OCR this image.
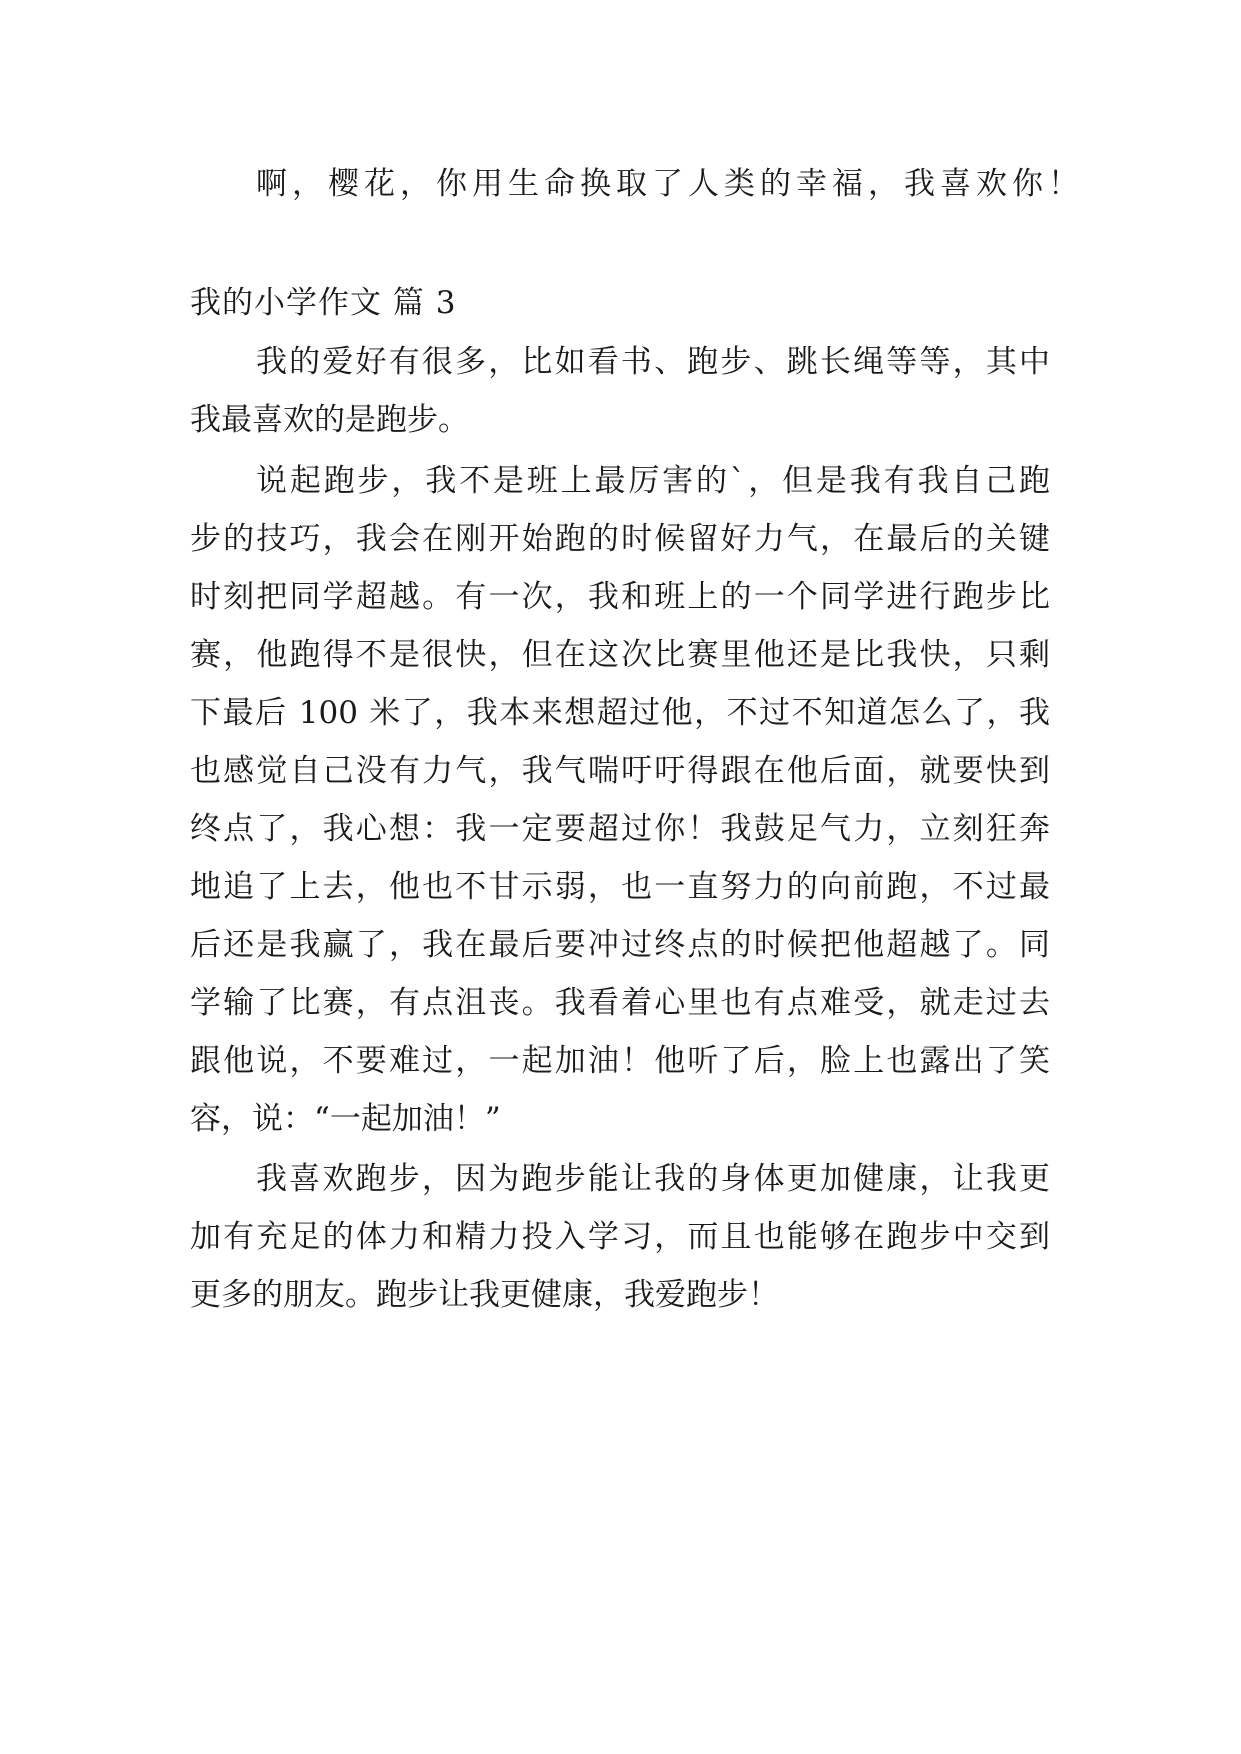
啊，樱花，你用生命换取了人类的幸福，我喜欢你！

我的小学作文 篇 3

我的爱好有很多，比如看书、跑步、跳长绳等等，其中

我最喜欢的是跑步。

说起跑步，我不是班上最厉害的`，但是我有我自己跑

步的技巧，我会在刚开始跑的时候留好力气，在最后的关键

时刻把同学超越。有一次，我和班上的一个同学进行跑步比

赛，他跑得不是很快，但在这次比赛里他还是比我快，只剩

下最后 100 米了，我本来想超过他，不过不知道怎么了，我

也感觉自己没有力气，我气喘吁吁得跟在他后面，就要快到

终点了，我心想：我一定要超过你！我鼓足气力，立刻狂奔

地追了上去，他也不甘示弱，也一直努力的向前跑，不过最

后还是我赢了，我在最后要冲过终点的时候把他超越了。同

学输了比赛，有点沮丧。我看着心里也有点难受，就走过去

跟他说，不要难过，一起加油！他听了后，脸上也露出了笑

容，说：“一起加油！”

我喜欢跑步，因为跑步能让我的身体更加健康，让我更

加有充足的体力和精力投入学习，而且也能够在跑步中交到

更多的朋友。跑步让我更健康，我爱跑步！
